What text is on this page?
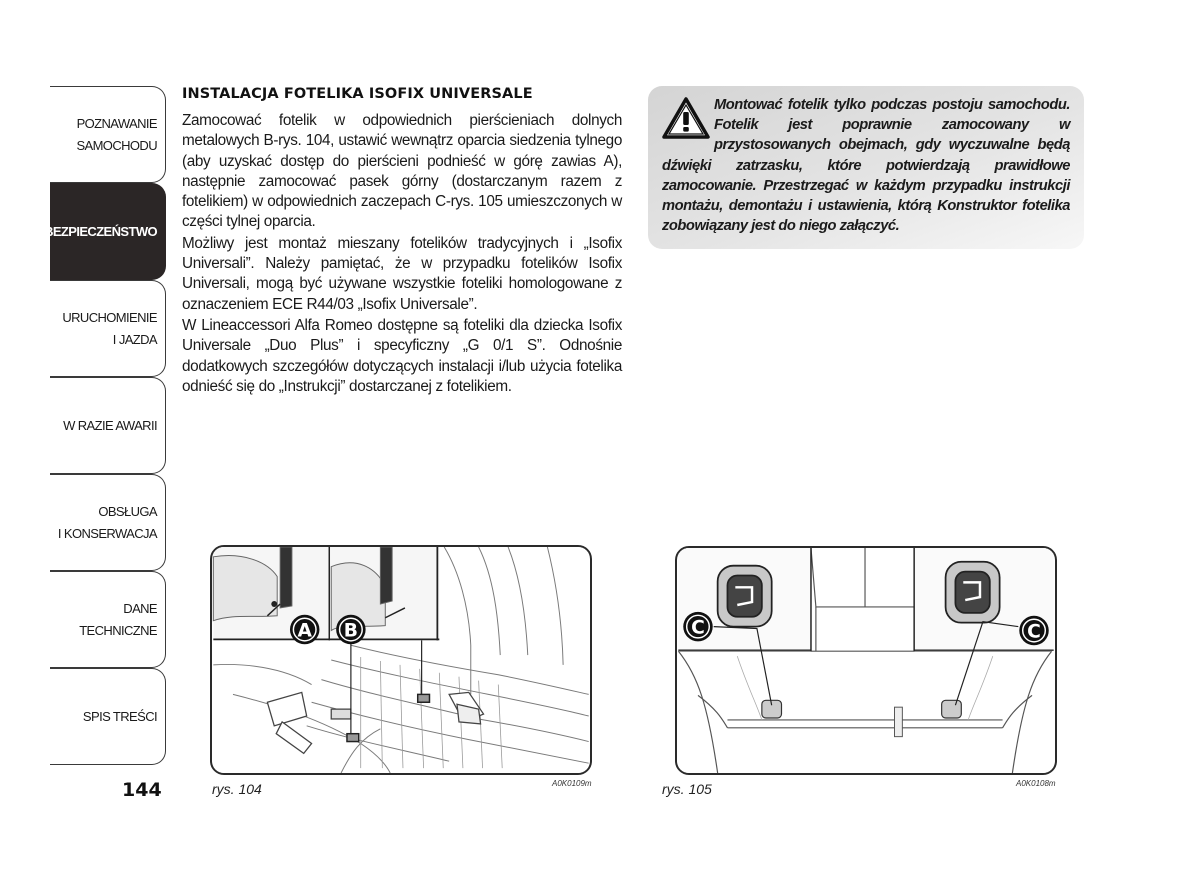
POZNAWANIE
SAMOCHODU
BEZPIECZEŃSTWO
URUCHOMIENIE
I JAZDA
W RAZIE AWARII
OBSŁUGA
I KONSERWACJA
DANE
TECHNICZNE
SPIS TREŚCI
144
INSTALACJA FOTELIKA ISOFIX UNIVERSALE

Zamocować fotelik w odpowiednich pierścieniach dolnych metalowych B-rys. 104, ustawić wewnątrz oparcia siedzenia tylnego (aby uzyskać dostęp do pierścieni podnieść w górę zawias A), następnie zamocować pasek górny (dostarczanym razem z fotelikiem) w odpowiednich zaczepach C-rys. 105 umieszczonych w części tylnej oparcia.

Możliwy jest montaż mieszany fotelików tradycyjnych i „Isofix Universali”. Należy pamiętać, że w przypadku fotelików Isofix Universali, mogą być używane wszystkie foteliki homologowane z oznaczeniem ECE R44/03 „Isofix Universale”.

W Lineaccessori Alfa Romeo dostępne są foteliki dla dziecka Isofix Universale „Duo Plus” i specyficzny „G 0/1 S”. Odnośnie dodatkowych szczegółów dotyczących instalacji i/lub użycia fotelika odnieść się do „Instrukcji” dostarczanej z fotelikiem.

Montować fotelik tylko podczas postoju samochodu. Fotelik jest poprawnie zamocowany w przystosowanych obejmach, gdy wyczuwalne będą dźwięki zatrzasku, które potwierdzają prawidłowe zamocowanie. Przestrzegać w każdym przypadku instrukcji montażu, demontażu i ustawienia, którą Konstruktor fotelika zobowiązany jest do niego załączyć.

A B
rys. 104	A0K0109m
C	C
rys. 105	A0K0108m
